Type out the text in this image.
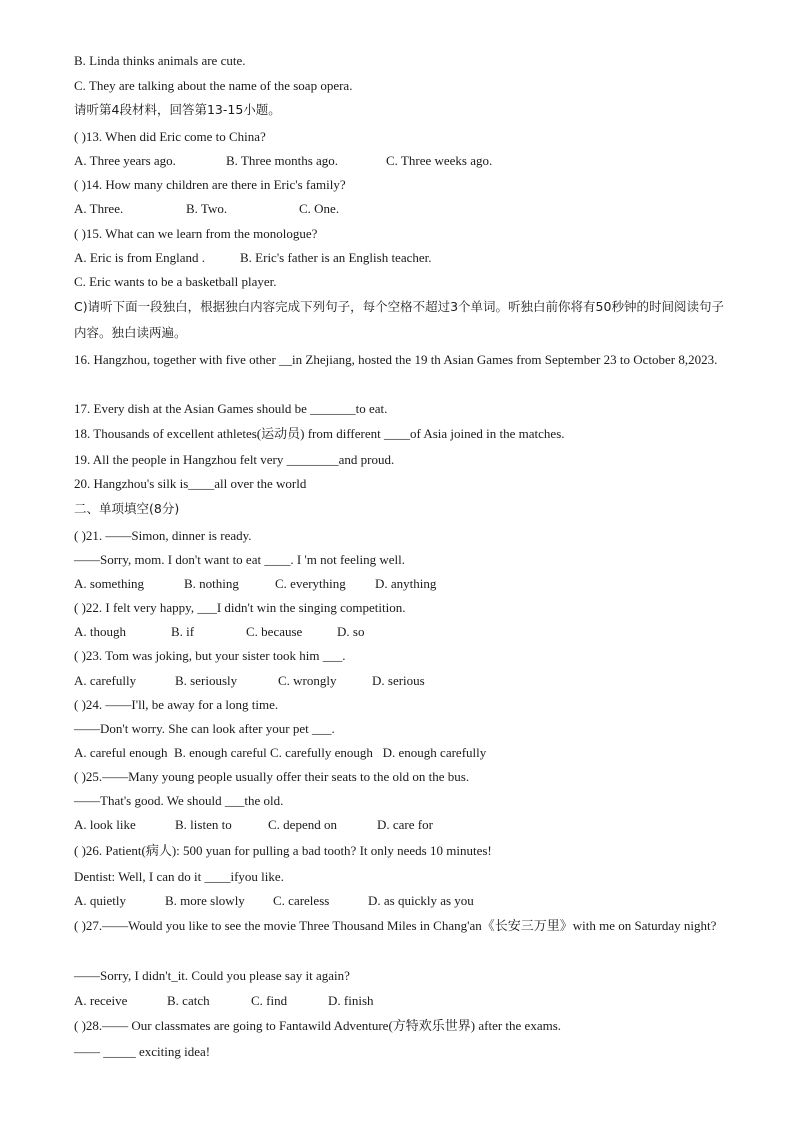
B. Linda thinks animals are cute.
C. They are talking about the name of the soap opera.
请听第4段材料，回答第13-15小题。
( )13. When did Eric come to China?
A. Three years ago.	B. Three months ago.	C. Three weeks ago.
( )14. How many children are there in Eric's family?
A. Three.	B. Two.	C. One.
( )15. What can we learn from the monologue?
A. Eric is from England .	B. Eric's father is an English teacher.
C. Eric wants to be a basketball player.
C)请听下面一段独白，根据独白内容完成下列句子，每个空格不超过3个单词。听独白前你将有50秒钟的时间阅读句子内容。独白读两遍。
16. Hangzhou, together with five other __in Zhejiang, hosted the 19 th Asian Games from September 23 to October 8,2023.
17. Every dish at the Asian Games should be _______to eat.
18. Thousands of excellent athletes(运动员) from different ____of Asia joined in the matches.
19. All the people in Hangzhou felt very ________and proud.
20. Hangzhou's silk is____all over the world
二、单项填空(8分)
( )21. ——Simon, dinner is ready.
——Sorry, mom. I don't want to eat ____. I 'm not feeling well.
A. something	B. nothing	C. everything	D. anything
( )22. I felt very happy, ___I didn't win the singing competition.
A. though	B. if	C. because	D. so
( )23. Tom was joking, but your sister took him ___.
A. carefully	B. seriously	C. wrongly	D. serious
( )24. ——I'll, be away for a long time.
——Don't worry. She can look after your pet ___.
A. careful enough  B. enough careful C. carefully enough   D. enough carefully
( )25.——Many young people usually offer their seats to the old on the bus.
——That's good. We should ___the old.
A. look like	B. listen to	C. depend on	D. care for
( )26. Patient(病人): 500 yuan for pulling a bad tooth? It only needs 10 minutes!
Dentist: Well, I can do it ____ifyou like.
A. quietly	B. more slowly	C. careless	D. as quickly as you
( )27.——Would you like to see the movie Three Thousand Miles in Chang'an《长安三万里》with me on Saturday night?
——Sorry, I didn't_it. Could you please say it again?
A. receive	B. catch	C. find	D. finish
( )28.—— Our classmates are going to Fantawild Adventure(方特欢乐世界) after the exams.
—— _____ exciting idea!
